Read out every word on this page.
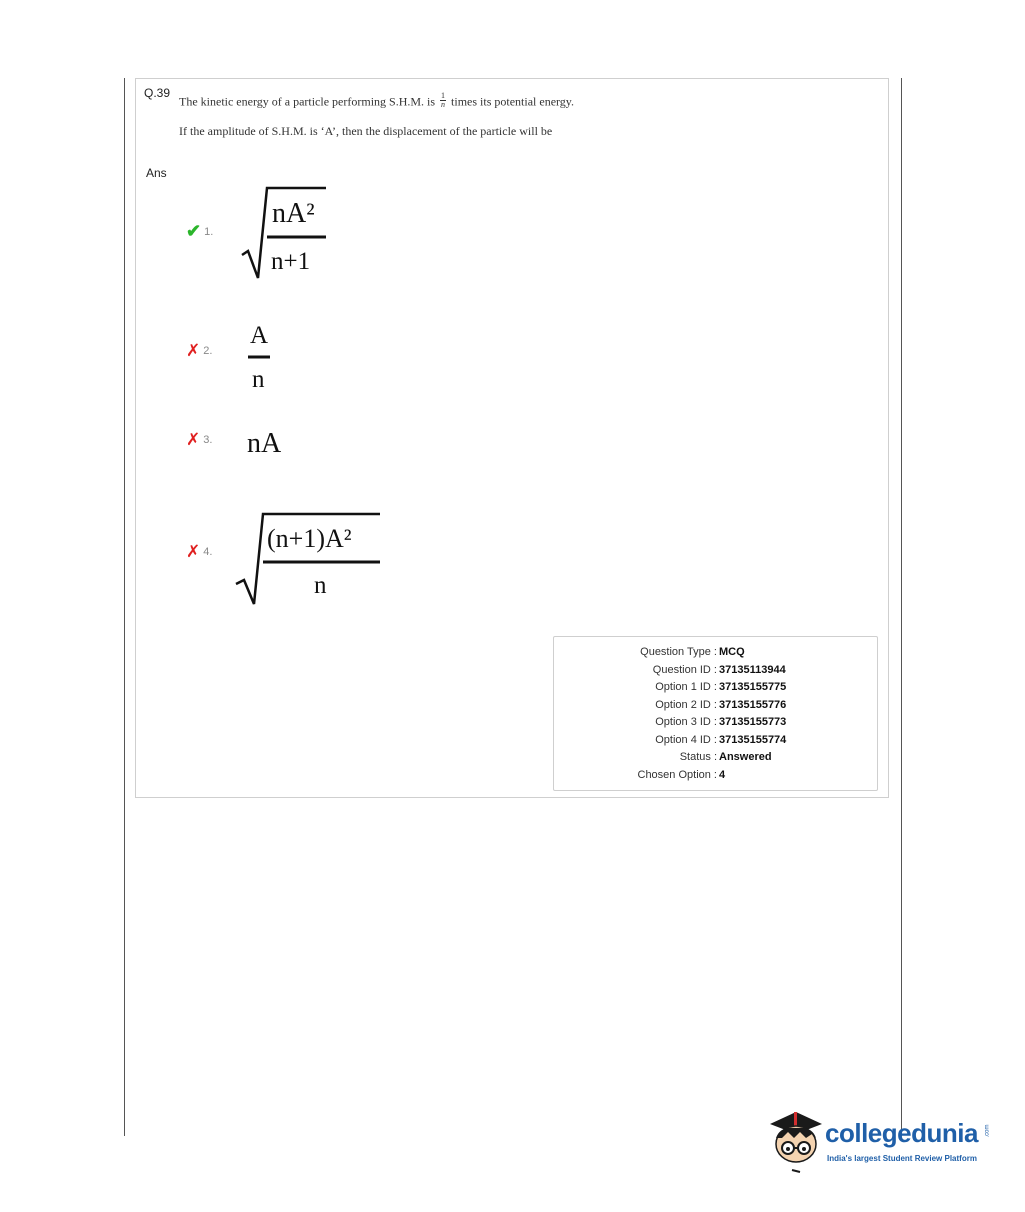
Q.39
The kinetic energy of a particle performing S.H.M. is $\frac{1}{n}$ times its potential energy.
If the amplitude of S.H.M. is ‘A’, then the displacement of the particle will be
Ans
✔ 1.
nA²
n+1
✗ 2.
A
n
✗ 3. nA
✗ 4. (n+1)A²
n
Question Type : MCQ
Question ID : 37135113944
Option 1 ID : 37135155775
Option 2 ID : 37135155776
Option 3 ID : 37135155773
Option 4 ID : 37135155774
Status : Answered
Chosen Option : 4
collegedunia .com
India's largest Student Review Platform
